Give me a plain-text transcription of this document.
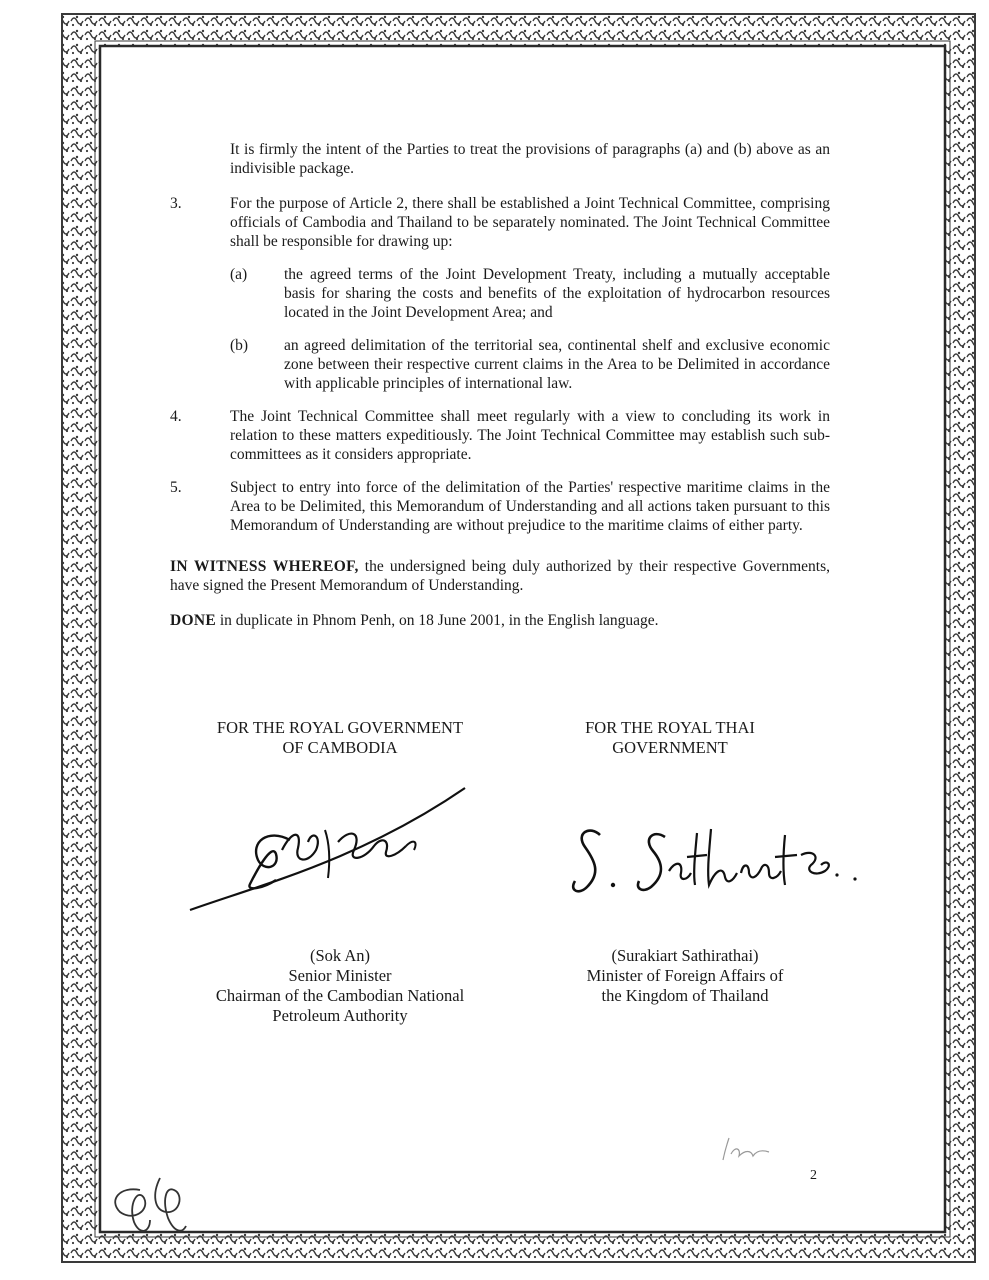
It is firmly the intent of the Parties to treat the provisions of paragraphs (a) and (b) above as an indivisible package.

3.	For the purpose of Article 2, there shall be established a Joint Technical Committee, comprising officials of Cambodia and Thailand to be separately nominated. The Joint Technical Committee shall be responsible for drawing up:
(a)	the agreed terms of the Joint Development Treaty, including a mutually acceptable basis for sharing the costs and benefits of the exploitation of hydrocarbon resources located in the Joint Development Area; and
(b)	an agreed delimitation of the territorial sea, continental shelf and exclusive economic zone between their respective current claims in the Area to be Delimited in accordance with applicable principles of international law.
4.	The Joint Technical Committee shall meet regularly with a view to concluding its work in relation to these matters expeditiously. The Joint Technical Committee may establish such sub-committees as it considers appropriate.
5.	Subject to entry into force of the delimitation of the Parties' respective maritime claims in the Area to be Delimited, this Memorandum of Understanding and all actions taken pursuant to this Memorandum of Understanding are without prejudice to the maritime claims of either party.

IN WITNESS WHEREOF, the undersigned being duly authorized by their respective Governments, have signed the Present Memorandum of Understanding.

DONE in duplicate in Phnom Penh, on 18 June 2001, in the English language.

FOR THE ROYAL GOVERNMENT
OF CAMBODIA
FOR THE ROYAL THAI
GOVERNMENT
(Sok An)
Senior Minister
Chairman of the Cambodian National
Petroleum Authority
(Surakiart Sathirathai)
Minister of Foreign Affairs of
the Kingdom of Thailand
2
